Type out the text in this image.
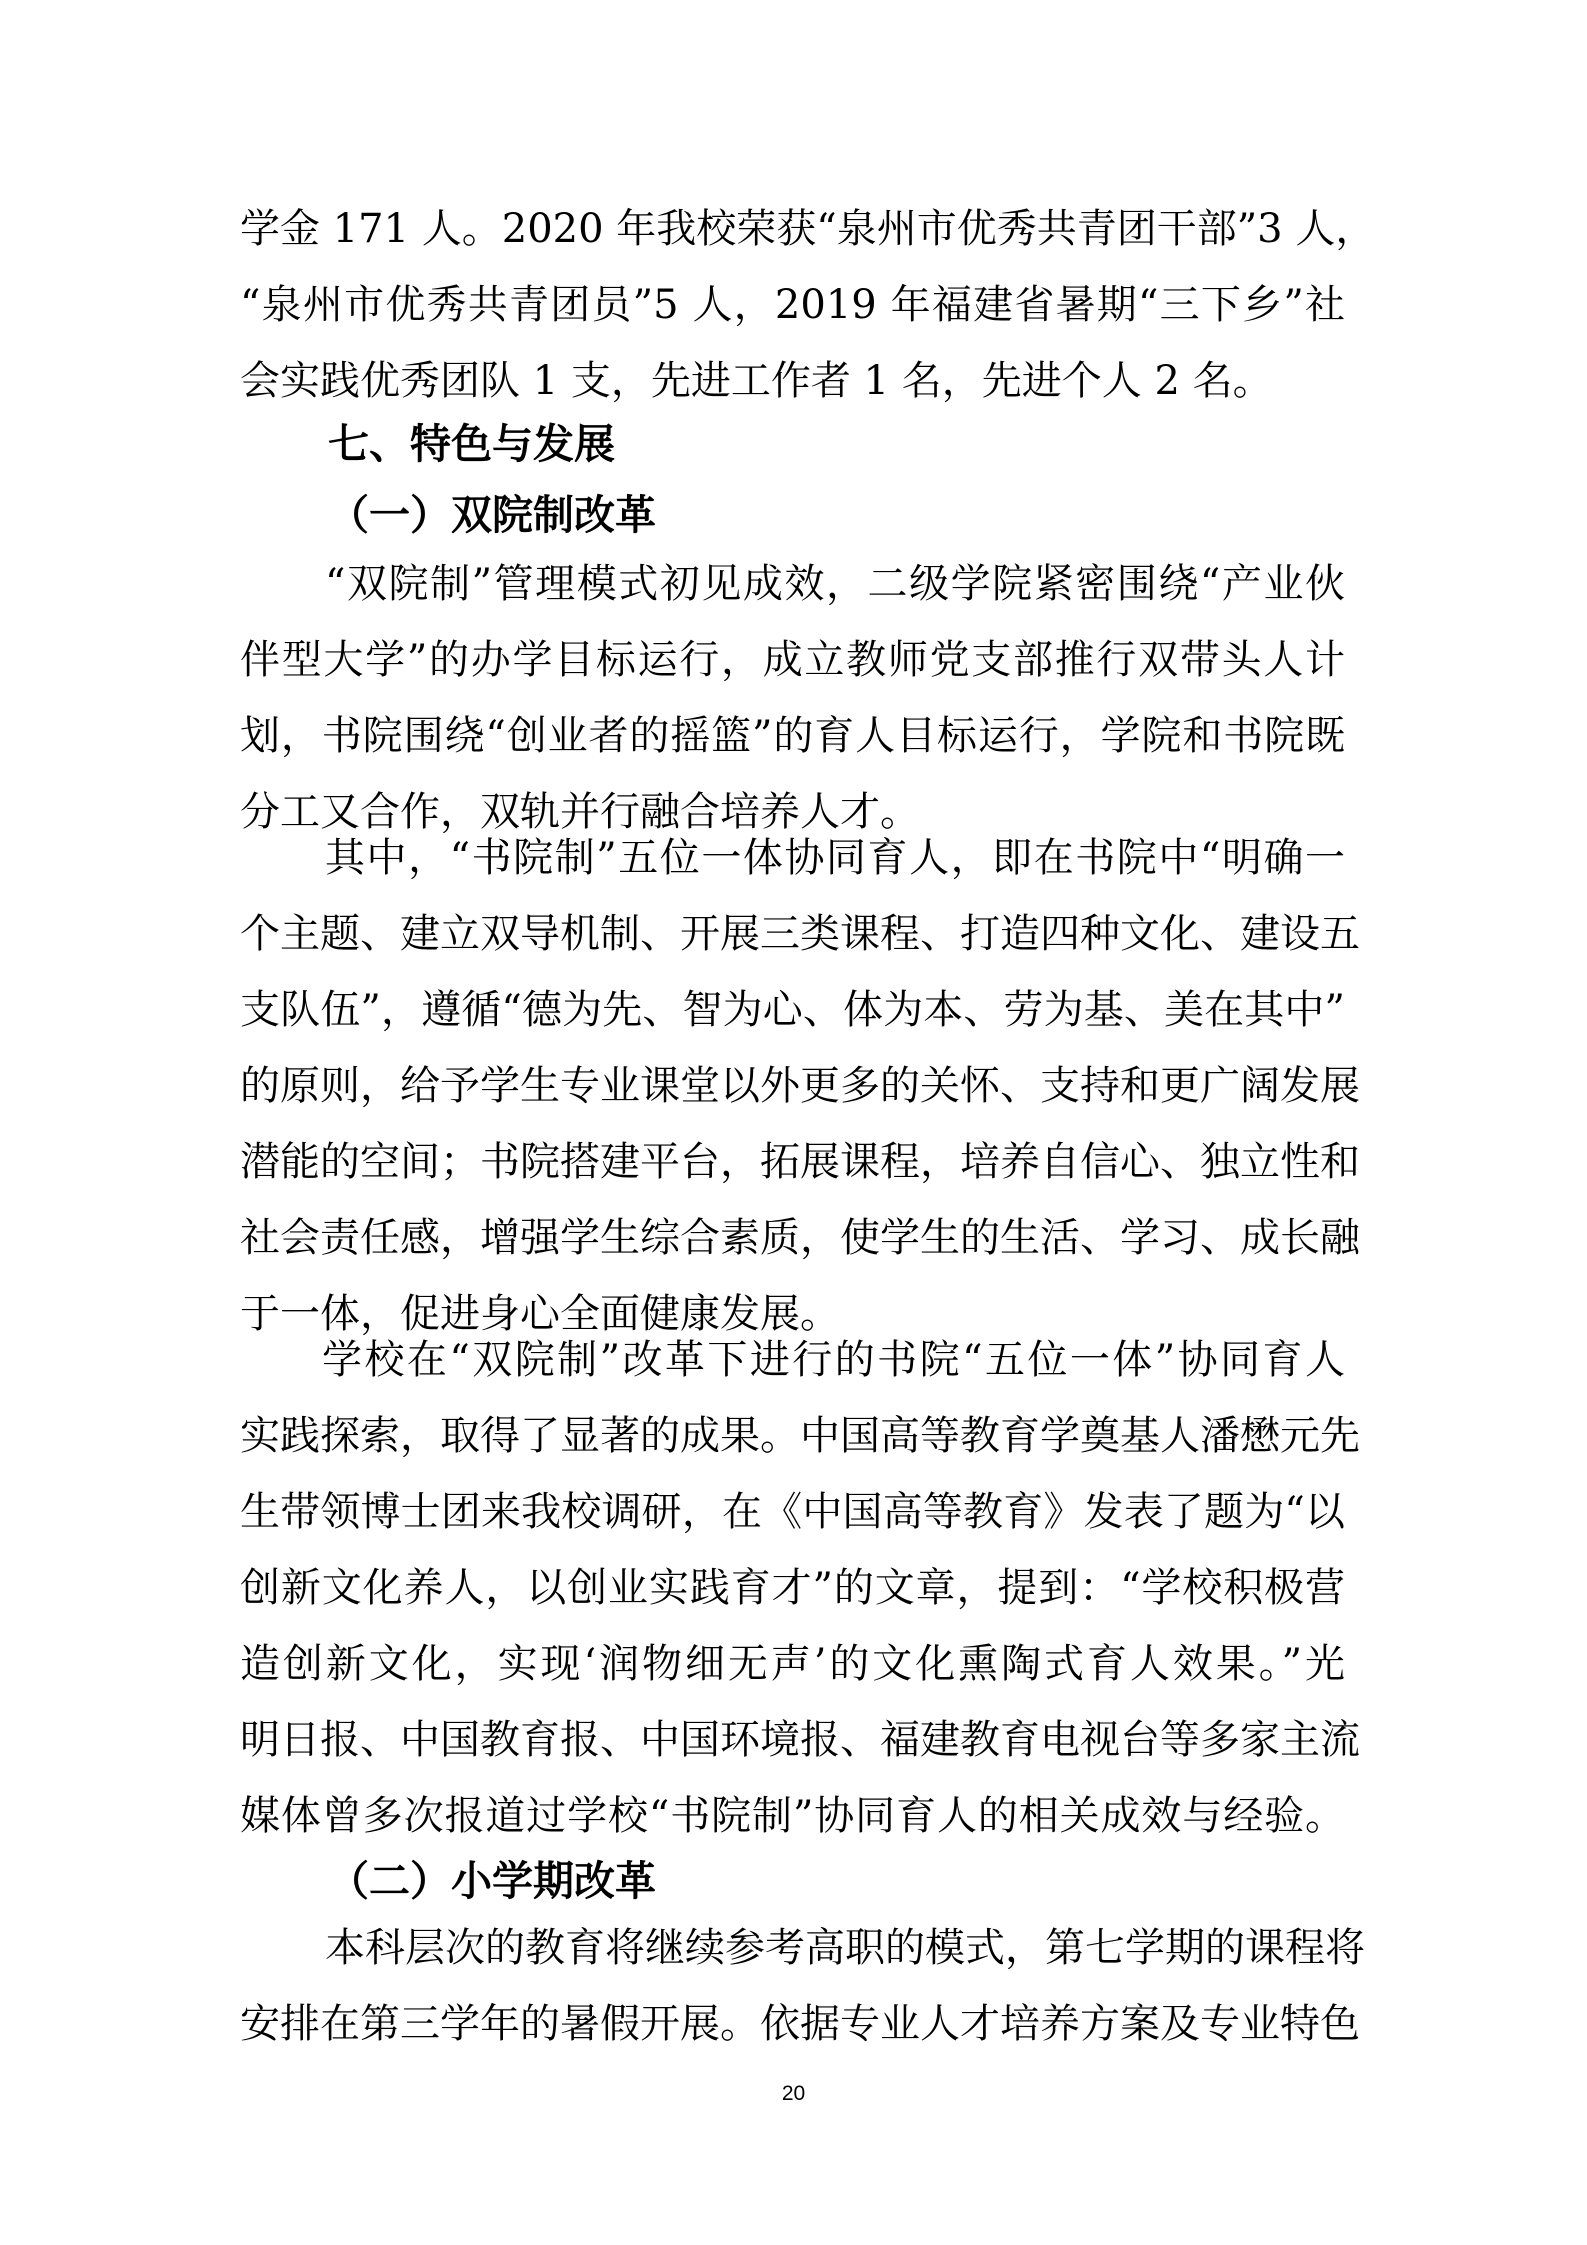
学金 171 人。2020 年我校荣获“泉州市优秀共青团干部”3 人，
“泉州市优秀共青团员”5 人，2019 年福建省暑期“三下乡”社
会实践优秀团队 1 支，先进工作者 1 名，先进个人 2 名。
七、特色与发展
（一）双院制改革
“双院制”管理模式初见成效，二级学院紧密围绕“产业伙
伴型大学”的办学目标运行，成立教师党支部推行双带头人计
划，书院围绕“创业者的摇篮”的育人目标运行，学院和书院既
分工又合作，双轨并行融合培养人才。
其中，“书院制”五位一体协同育人，即在书院中“明确一
个主题、建立双导机制、开展三类课程、打造四种文化、建设五
支队伍”，遵循“德为先、智为心、体为本、劳为基、美在其中”
的原则，给予学生专业课堂以外更多的关怀、支持和更广阔发展
潜能的空间；书院搭建平台，拓展课程，培养自信心、独立性和
社会责任感，增强学生综合素质，使学生的生活、学习、成长融
于一体，促进身心全面健康发展。
学校在“双院制”改革下进行的书院“五位一体”协同育人
实践探索，取得了显著的成果。中国高等教育学奠基人潘懋元先
生带领博士团来我校调研，在《中国高等教育》发表了题为“以
创新文化养人，以创业实践育才”的文章，提到：“学校积极营
造创新文化，实现‘润物细无声’的文化熏陶式育人效果。”光
明日报、中国教育报、中国环境报、福建教育电视台等多家主流
媒体曾多次报道过学校“书院制”协同育人的相关成效与经验。
（二）小学期改革
本科层次的教育将继续参考高职的模式，第七学期的课程将
安排在第三学年的暑假开展。依据专业人才培养方案及专业特色
20
